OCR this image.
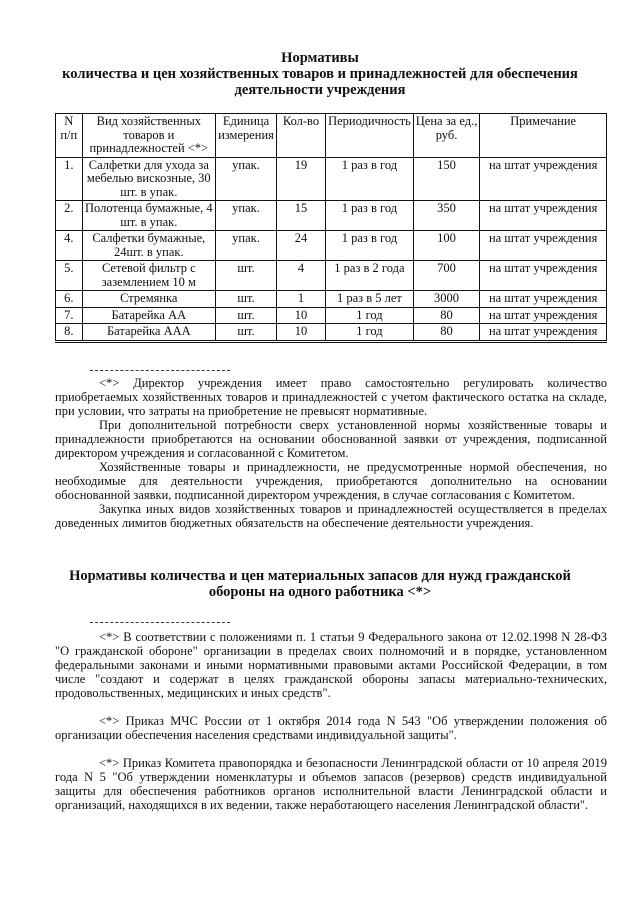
Нормативы
количества и цен хозяйственных товаров и принадлежностей для обеспечения
деятельности учреждения
N п/п	Вид хозяйственных товаров и принадлежностей <*>	Единица измерения	Кол-во	Периодичность	Цена за ед., руб.	Примечание
1.	Салфетки для ухода за мебелью вискозные, 30 шт. в упак.	упак.	19	1 раз в год	150	на штат учреждения
2.	Полотенца бумажные, 4 шт. в упак.	упак.	15	1 раз в год	350	на штат учреждения
4.	Салфетки бумажные, 24шт. в упак.	упак.	24	1 раз в год	100	на штат учреждения
5.	Сетевой фильтр с заземлением 10 м	шт.	4	1 раз в 2 года	700	на штат учреждения
6.	Стремянка	шт.	1	1 раз в 5 лет	3000	на штат учреждения
7.	Батарейка АА	шт.	10	1 год	80	на штат учреждения
8.	Батарейка ААА	шт.	10	1 год	80	на штат учреждения

<*> Директор учреждения имеет право самостоятельно регулировать количество приобретаемых хозяйственных товаров и принадлежностей с учетом фактического остатка на складе, при условии, что затраты на приобретение не превысят нормативные.

При дополнительной потребности сверх установленной нормы хозяйственные товары и принадлежности приобретаются на основании обоснованной заявки от учреждения, подписанной директором учреждения и согласованной с Комитетом.

Хозяйственные товары и принадлежности, не предусмотренные нормой обеспечения, но необходимые для деятельности учреждения, приобретаются дополнительно на основании обоснованной заявки, подписанной директором учреждения, в случае согласования с Комитетом.

Закупка иных видов хозяйственных товаров и принадлежностей осуществляется в пределах доведенных лимитов бюджетных обязательств на обеспечение деятельности учреждения.

Нормативы количества и цен материальных запасов для нужд гражданской
обороны на одного работника <*>

<*> В соответствии с положениями п. 1 статьи 9 Федерального закона от 12.02.1998 N 28-ФЗ "О гражданской обороне" организации в пределах своих полномочий и в порядке, установленном федеральными законами и иными нормативными правовыми актами Российской Федерации, в том числе "создают и содержат в целях гражданской обороны запасы материально-технических, продовольственных, медицинских и иных средств".

<*> Приказ МЧС России от 1 октября 2014 года N 543 "Об утверждении положения об организации обеспечения населения средствами индивидуальной защиты".

<*> Приказ Комитета правопорядка и безопасности Ленинградской области от 10 апреля 2019 года N 5 "Об утверждении номенклатуры и объемов запасов (резервов) средств индивидуальной защиты для обеспечения работников органов исполнительной власти Ленинградской области и организаций, находящихся в их ведении, также неработающего населения Ленинградской области".
